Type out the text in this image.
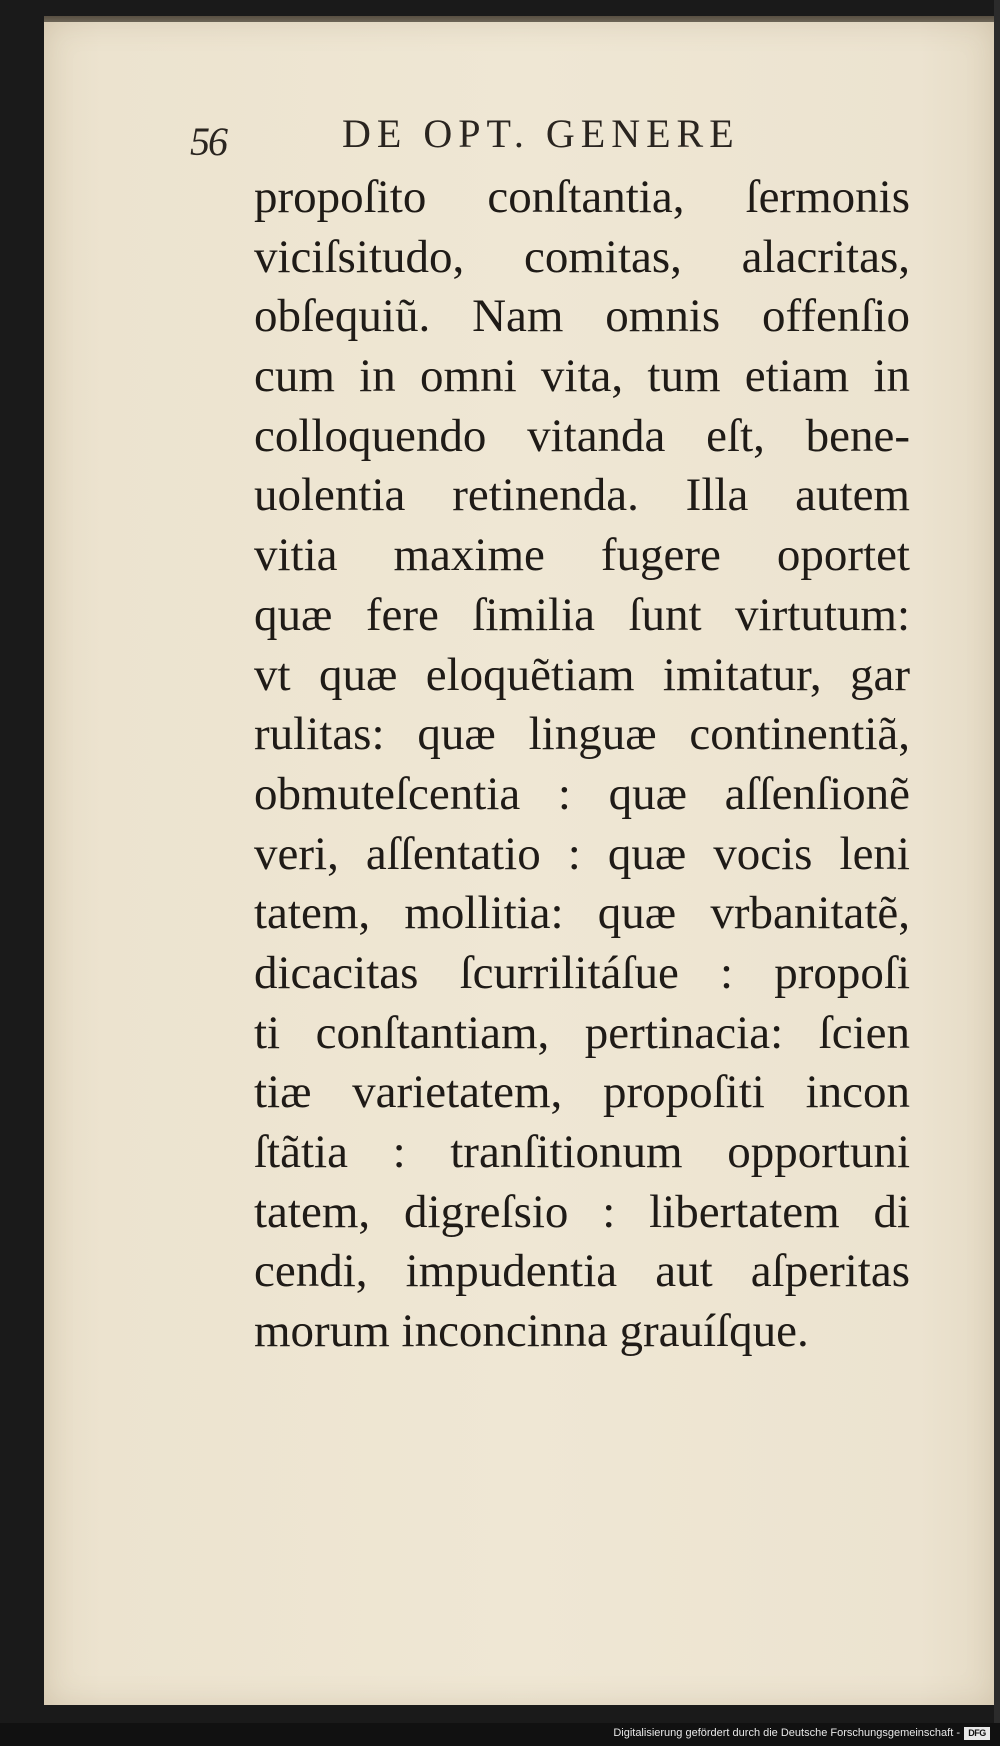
56	DE OPT. GENERE
propoſito conſtantia, ſermonis
viciſsitudo, comitas, alacritas,
obſequiũ. Nam omnis offenſio
cum in omni vita, tum etiam in
colloquendo vitanda eſt, bene-
uolentia retinenda. Illa autem
vitia maxime fugere oportet
quæ fere ſimilia ſunt virtutum:
vt quæ eloquẽtiam imitatur, gar
rulitas: quæ linguæ continentiã,
obmuteſcentia : quæ aſſenſionẽ
veri, aſſentatio : quæ vocis leni
tatem, mollitia: quæ vrbanitatẽ,
dicacitas ſcurrilitáſue : propoſi
ti conſtantiam, pertinacia: ſcien
tiæ varietatem, propoſiti incon
ſtãtia : tranſitionum opportuni
tatem, digreſsio : libertatem di
cendi, impudentia aut aſperitas
morum inconcinna grauíſque.
Digitalisierung gefördert durch die Deutsche Forschungsgemeinschaft - DFG
